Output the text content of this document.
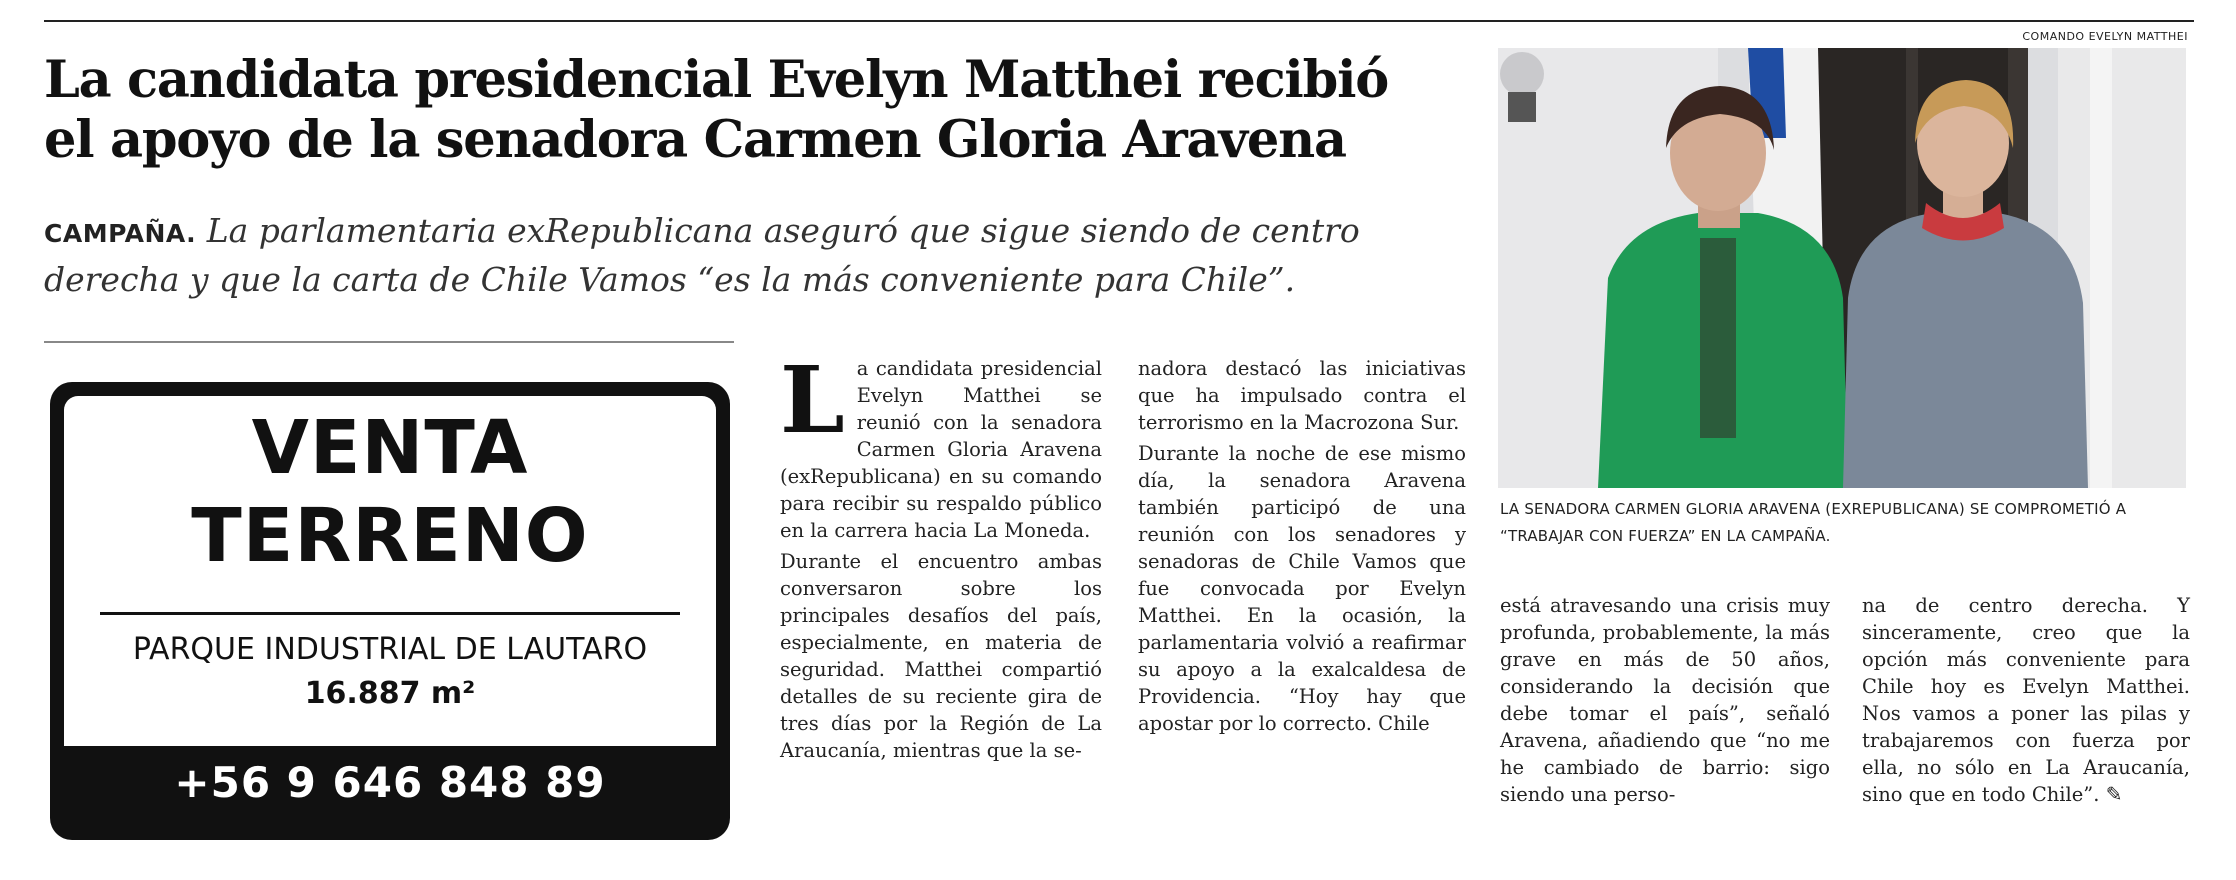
COMANDO EVELYN MATTHEI
La candidata presidencial Evelyn Matthei recibió
el apoyo de la senadora Carmen Gloria Aravena

CAMPAÑA. La parlamentaria exRepublicana aseguró que sigue siendo de centro derecha y que la carta de Chile Vamos “es la más conveniente para Chile”.

VENTA
TERRENO
PARQUE INDUSTRIAL DE LAUTARO
16.887 m²
+56 9 646 848 89

La candidata presidencial Evelyn Matthei se reunió con la senadora Carmen Gloria Aravena (exRepublicana) en su comando para recibir su respaldo público en la carrera hacia La Moneda.

Durante el encuentro ambas conversaron sobre los principales desafíos del país, especialmente, en materia de seguridad. Matthei compartió detalles de su reciente gira de tres días por la Región de La Araucanía, mientras que la se-

nadora destacó las iniciativas que ha impulsado contra el terrorismo en la Macrozona Sur.

Durante la noche de ese mismo día, la senadora Aravena también participó de una reunión con los senadores y senadoras de Chile Vamos que fue convocada por Evelyn Matthei. En la ocasión, la parlamentaria volvió a reafirmar su apoyo a la exalcaldesa de Providencia. “Hoy hay que apostar por lo correcto. Chile

LA SENADORA CARMEN GLORIA ARAVENA (EXREPUBLICANA) SE COMPROMETIÓ A “TRABAJAR CON FUERZA” EN LA CAMPAÑA.

está atravesando una crisis muy profunda, probablemente, la más grave en más de 50 años, considerando la decisión que debe tomar el país”, señaló Aravena, añadiendo que “no me he cambiado de barrio: sigo siendo una perso-

na de centro derecha. Y sinceramente, creo que la opción más conveniente para Chile hoy es Evelyn Matthei. Nos vamos a poner las pilas y trabajaremos con fuerza por ella, no sólo en La Araucanía, sino que en todo Chile”. ✎
